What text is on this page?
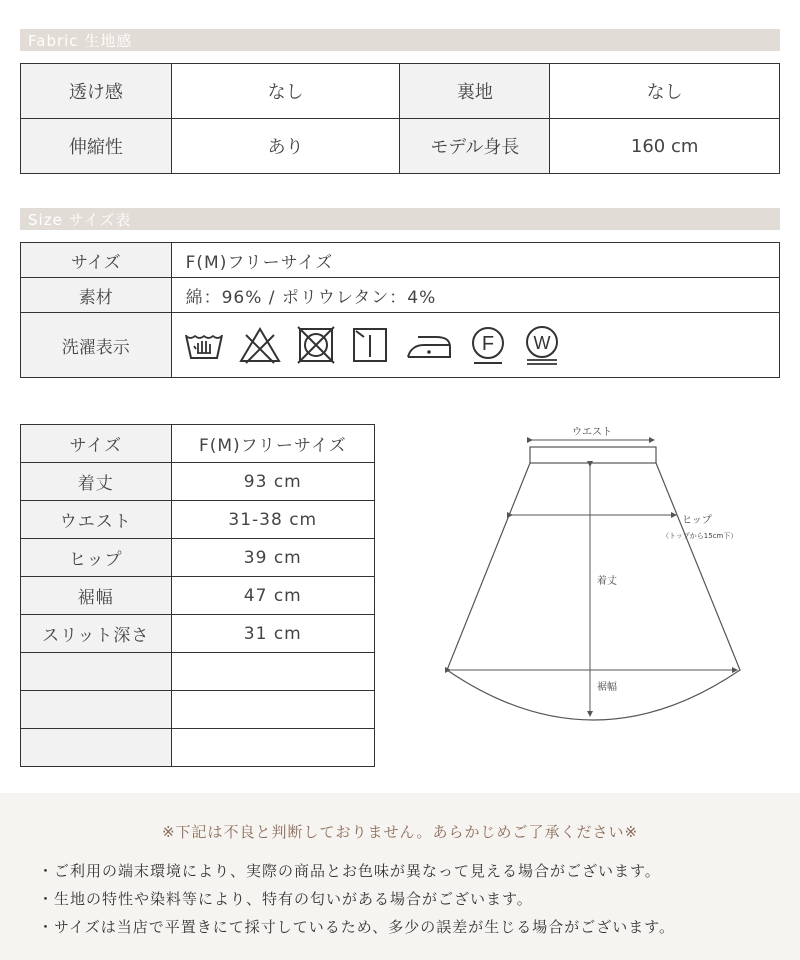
Fabric 生地感
透け感	なし	裏地	なし
伸縮性	あり	モデル身長	160 cm
Size サイズ表
サイズ	F(M)フリーサイズ
素材	綿：96% / ポリウレタン：4%
洗濯表示	F W
サイズ	F(M)フリーサイズ
着丈	93 cm
ウエスト	31-38 cm
ヒップ	39 cm
裾幅	47 cm
スリット深さ	31 cm

ウエスト
ヒップ
（トップから15cm下）
着丈
裾幅
※下記は不良と判断しておりません。あらかじめご了承ください※
・ご利用の端末環境により、実際の商品とお色味が異なって見える場合がございます。
・生地の特性や染料等により、特有の匂いがある場合がございます。
・サイズは当店で平置きにて採寸しているため、多少の誤差が生じる場合がございます。
